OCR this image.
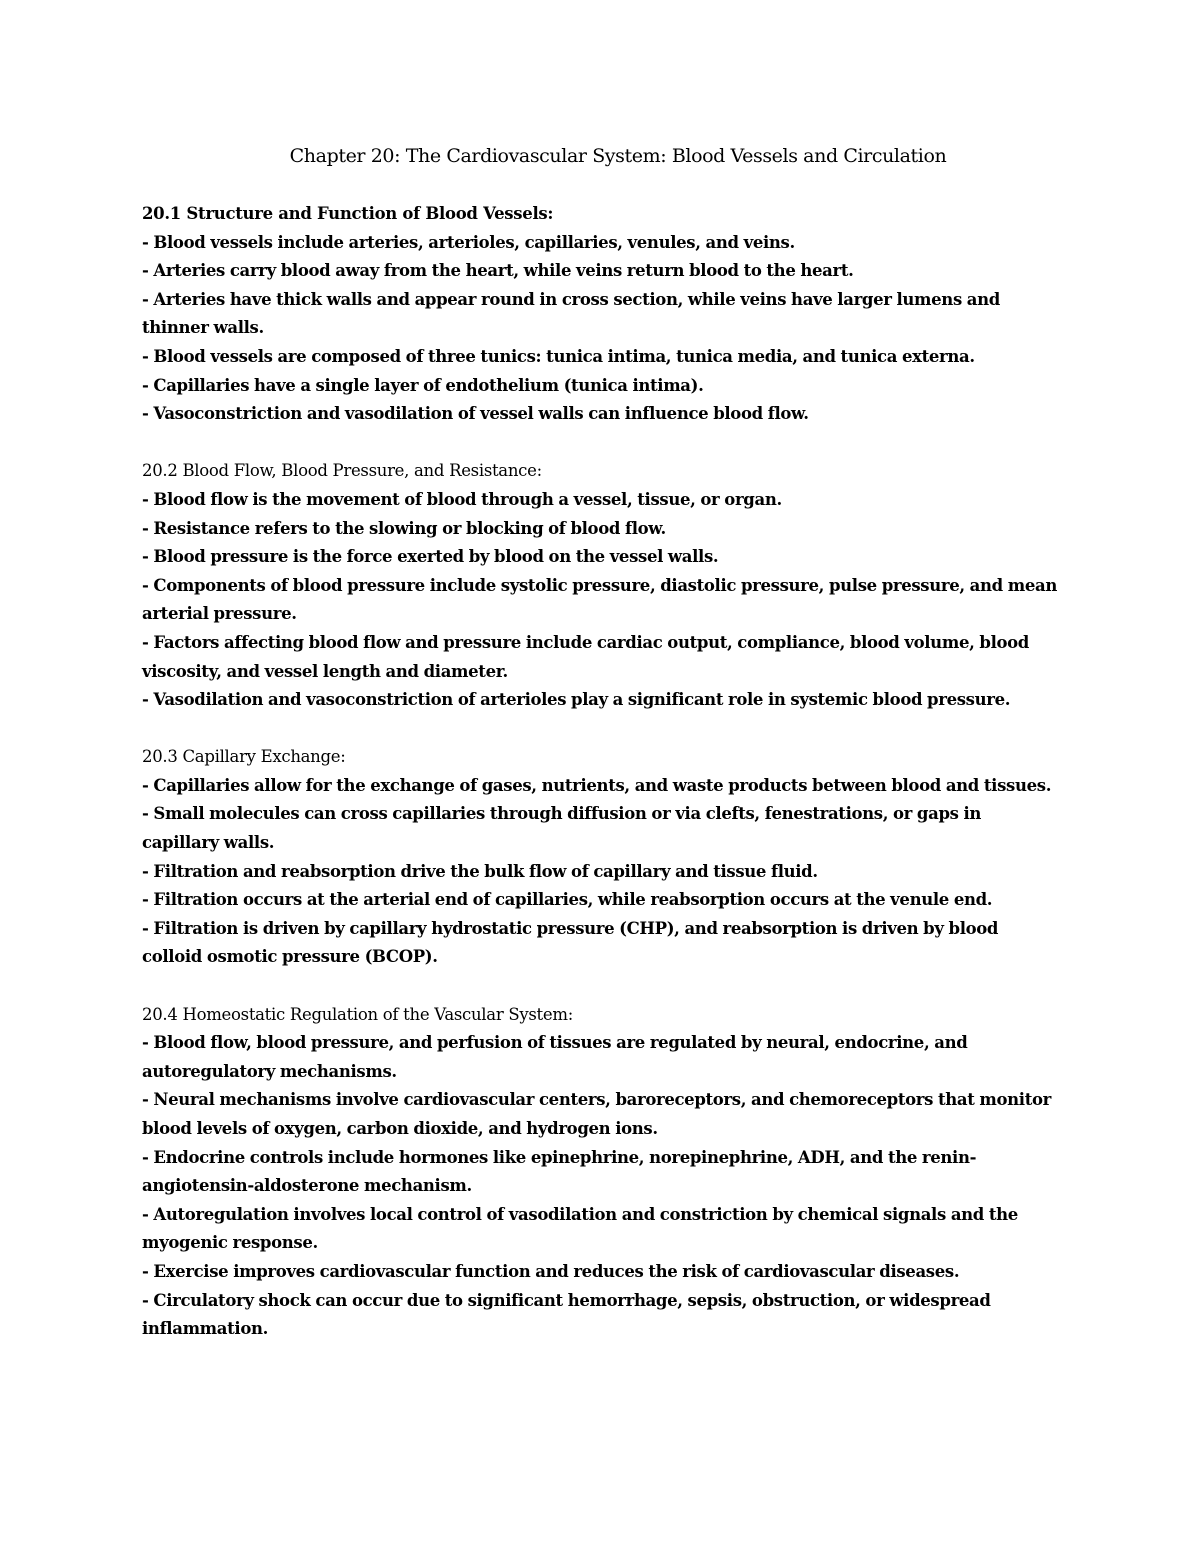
Chapter 20: The Cardiovascular System: Blood Vessels and Circulation
20.1 Structure and Function of Blood Vessels:
- Blood vessels include arteries, arterioles, capillaries, venules, and veins.
- Arteries carry blood away from the heart, while veins return blood to the heart.
- Arteries have thick walls and appear round in cross section, while veins have larger lumens and thinner walls.
- Blood vessels are composed of three tunics: tunica intima, tunica media, and tunica externa.
- Capillaries have a single layer of endothelium (tunica intima).
- Vasoconstriction and vasodilation of vessel walls can influence blood flow.
20.2 Blood Flow, Blood Pressure, and Resistance:
- Blood flow is the movement of blood through a vessel, tissue, or organ.
- Resistance refers to the slowing or blocking of blood flow.
- Blood pressure is the force exerted by blood on the vessel walls.
- Components of blood pressure include systolic pressure, diastolic pressure, pulse pressure, and mean arterial pressure.
- Factors affecting blood flow and pressure include cardiac output, compliance, blood volume, blood viscosity, and vessel length and diameter.
- Vasodilation and vasoconstriction of arterioles play a significant role in systemic blood pressure.
20.3 Capillary Exchange:
- Capillaries allow for the exchange of gases, nutrients, and waste products between blood and tissues.
- Small molecules can cross capillaries through diffusion or via clefts, fenestrations, or gaps in capillary walls.
- Filtration and reabsorption drive the bulk flow of capillary and tissue fluid.
- Filtration occurs at the arterial end of capillaries, while reabsorption occurs at the venule end.
- Filtration is driven by capillary hydrostatic pressure (CHP), and reabsorption is driven by blood colloid osmotic pressure (BCOP).
20.4 Homeostatic Regulation of the Vascular System:
- Blood flow, blood pressure, and perfusion of tissues are regulated by neural, endocrine, and autoregulatory mechanisms.
- Neural mechanisms involve cardiovascular centers, baroreceptors, and chemoreceptors that monitor blood levels of oxygen, carbon dioxide, and hydrogen ions.
- Endocrine controls include hormones like epinephrine, norepinephrine, ADH, and the renin-angiotensin-aldosterone mechanism.
- Autoregulation involves local control of vasodilation and constriction by chemical signals and the myogenic response.
- Exercise improves cardiovascular function and reduces the risk of cardiovascular diseases.
- Circulatory shock can occur due to significant hemorrhage, sepsis, obstruction, or widespread inflammation.
